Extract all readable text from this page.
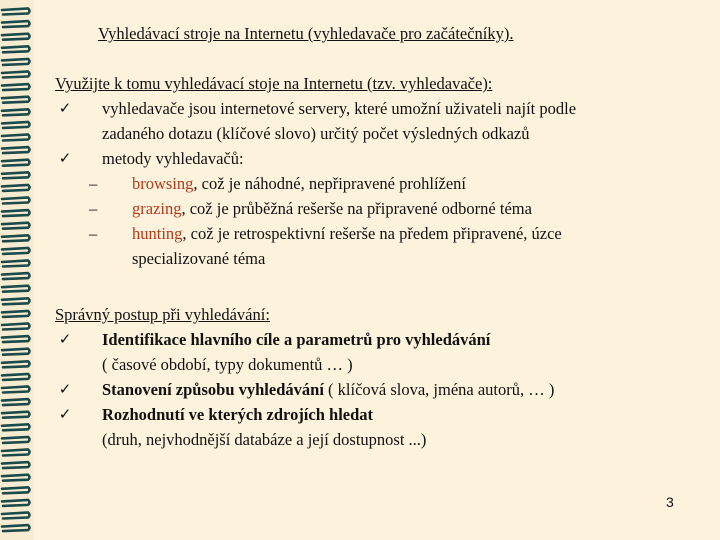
Vyhledávací stroje na Internetu (vyhledavače pro začátečníky).
Využijte k tomu vyhledávací stoje na Internetu (tzv. vyhledavače):
✓ vyhledavače jsou internetové servery, které umožní uživateli najít podle
zadaného dotazu (klíčové slovo) určitý počet výsledných odkazů
✓ metody vyhledavačů:
– browsing, což je náhodné, nepřipravené prohlížení
– grazing, což je průběžná rešerše na připravené odborné téma
– hunting, což je retrospektivní rešerše na předem připravené, úzce
specializované téma
Správný postup při vyhledávání:
✓ Identifikace hlavního cíle a parametrů pro vyhledávání
( časové období, typy dokumentů … )
✓ Stanovení způsobu vyhledávání ( klíčová slova, jména autorů, … )
✓ Rozhodnutí ve kterých zdrojích hledat
(druh, nejvhodnější databáze a její dostupnost ...)
3
